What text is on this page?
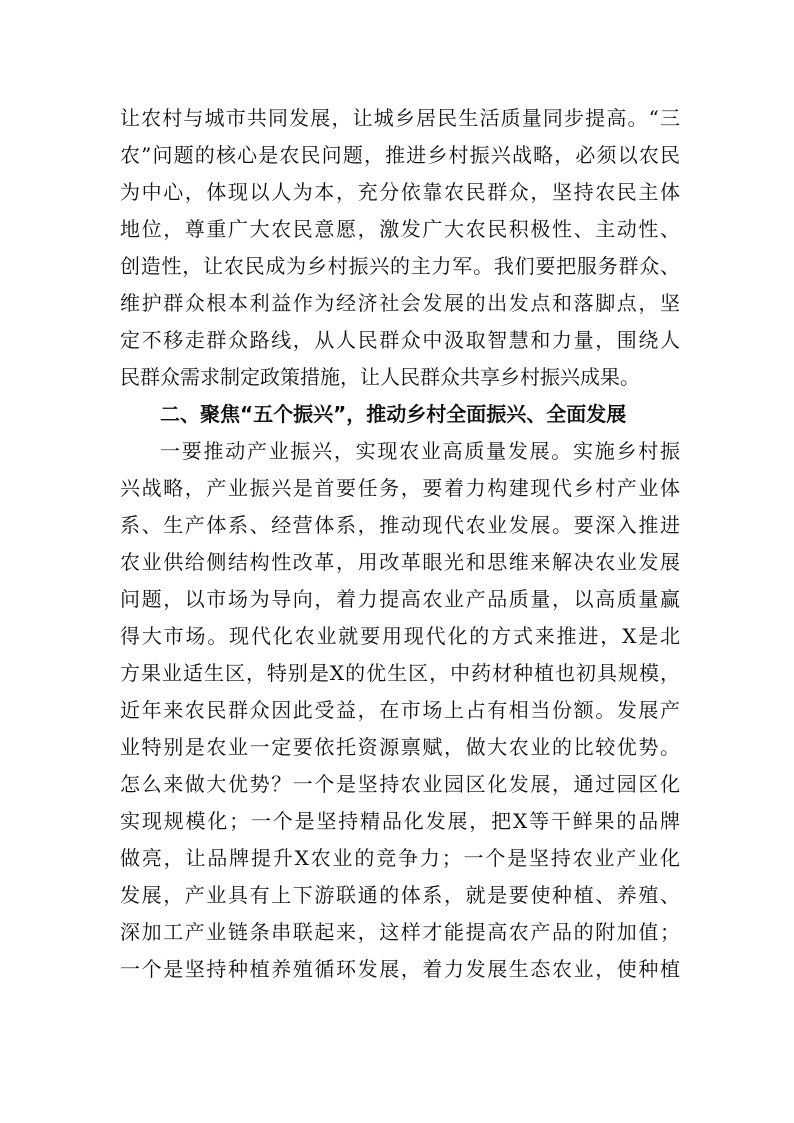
让农村与城市共同发展，让城乡居民生活质量同步提高。“三
农”问题的核心是农民问题，推进乡村振兴战略，必须以农民
为中心，体现以人为本，充分依靠农民群众，坚持农民主体
地位，尊重广大农民意愿，激发广大农民积极性、主动性、
创造性，让农民成为乡村振兴的主力军。我们要把服务群众、
维护群众根本利益作为经济社会发展的出发点和落脚点，坚
定不移走群众路线，从人民群众中汲取智慧和力量，围绕人
民群众需求制定政策措施，让人民群众共享乡村振兴成果。
二、聚焦“五个振兴”，推动乡村全面振兴、全面发展
一要推动产业振兴，实现农业高质量发展。实施乡村振
兴战略，产业振兴是首要任务，要着力构建现代乡村产业体
系、生产体系、经营体系，推动现代农业发展。要深入推进
农业供给侧结构性改革，用改革眼光和思维来解决农业发展
问题，以市场为导向，着力提高农业产品质量，以高质量赢
得大市场。现代化农业就要用现代化的方式来推进，X是北
方果业适生区，特别是X的优生区，中药材种植也初具规模，
近年来农民群众因此受益，在市场上占有相当份额。发展产
业特别是农业一定要依托资源禀赋，做大农业的比较优势。
怎么来做大优势？一个是坚持农业园区化发展，通过园区化
实现规模化；一个是坚持精品化发展，把X等干鲜果的品牌
做亮，让品牌提升X农业的竞争力；一个是坚持农业产业化
发展，产业具有上下游联通的体系，就是要使种植、养殖、
深加工产业链条串联起来，这样才能提高农产品的附加值；
一个是坚持种植养殖循环发展，着力发展生态农业，使种植
